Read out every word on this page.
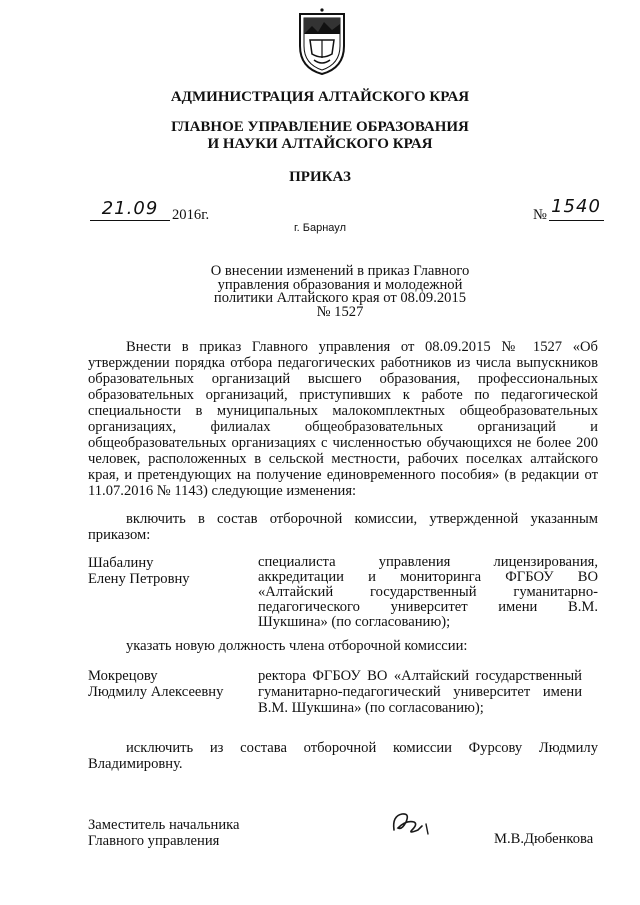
АДМИНИСТРАЦИЯ АЛТАЙСКОГО КРАЯ
ГЛАВНОЕ УПРАВЛЕНИЕ ОБРАЗОВАНИЯ
И НАУКИ АЛТАЙСКОГО КРАЯ
ПРИКАЗ
21.09 2016г.	№ 1540
г. Барнаул

О внесении изменений в приказ Главного

управления образования и молодежной

политики Алтайского края от 08.09.2015

№ 1527

Внести в приказ Главного управления от 08.09.2015 № 1527 «Об

утверждении порядка отбора педагогических работников из числа выпускников

образовательных организаций высшего образования, профессиональных

образовательных организаций, приступивших к работе по педагогической

специальности в муниципальных малокомплектных общеобразовательных

организациях, филиалах общеобразовательных организаций и

общеобразовательных организациях с численностью обучающихся не более 200

человек, расположенных в сельской местности, рабочих поселках алтайского

края, и претендующих на получение единовременного пособия» (в редакции от

11.07.2016 № 1143) следующие изменения:

включить в состав отборочной комиссии, утвержденной указанным

приказом:

Шабалину

Елену Петровну

специалиста управления лицензирования,

аккредитации и мониторинга ФГБОУ ВО

«Алтайский государственный гуманитарно-

педагогического университет имени В.М.

Шукшина» (по согласованию);

указать новую должность члена отборочной комиссии:

Мокрецову

Людмилу Алексеевну

ректора ФГБОУ ВО «Алтайский государственный

гуманитарно-педагогический университет имени

В.М. Шукшина» (по согласованию);

исключить из состава отборочной комиссии Фурсову Людмилу

Владимировну.

Заместитель начальника

Главного управления	М.В.Дюбенкова
